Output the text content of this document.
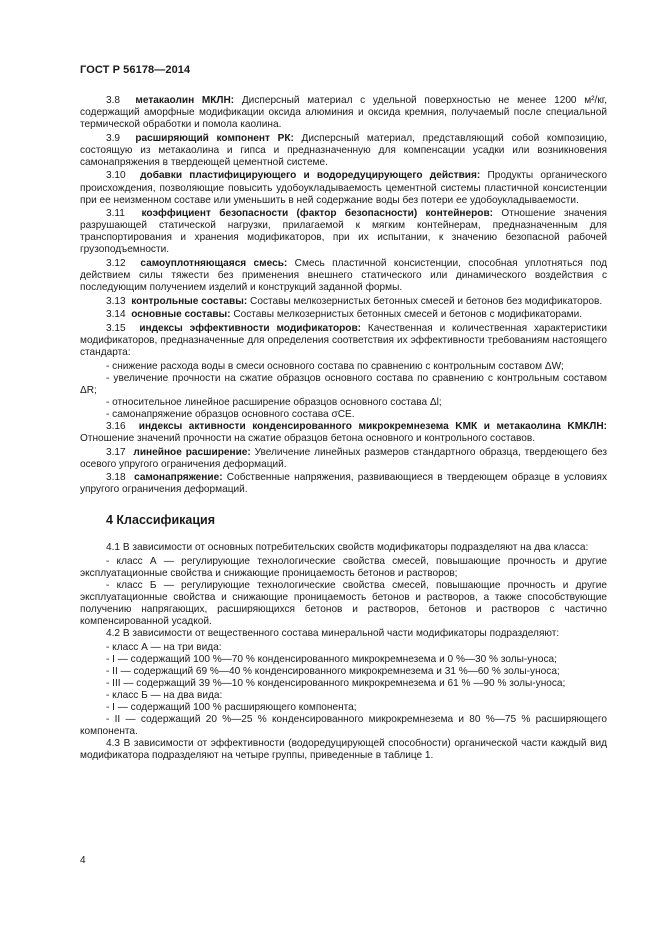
ГОСТ Р 56178—2014

3.8 метакаолин МКЛН: Дисперсный материал с удельной поверхностью не менее 1200 м²/кг, содержащий аморфные модификации оксида алюминия и оксида кремния, получаемый после специальной термической обработки и помола каолина.

3.9 расширяющий компонент РК: Дисперсный материал, представляющий собой композицию, состоящую из метакаолина и гипса и предназначенную для компенсации усадки или возникновения самонапряжения в твердеющей цементной системе.

3.10 добавки пластифицирующего и водоредуцирующего действия: Продукты органического происхождения, позволяющие повысить удобоукладываемость цементной системы пластичной консистенции при ее неизменном составе или уменьшить в ней содержание воды без потери ее удобоукладываемости.

3.11 коэффициент безопасности (фактор безопасности) контейнеров: Отношение значения разрушающей статической нагрузки, прилагаемой к мягким контейнерам, предназначенным для транспортирования и хранения модификаторов, при их испытании, к значению безопасной рабочей грузоподъемности.

3.12 самоуплотняющаяся смесь: Смесь пластичной консистенции, способная уплотняться под действием силы тяжести без применения внешнего статического или динамического воздействия с последующим получением изделий и конструкций заданной формы.

3.13 контрольные составы: Составы мелкозернистых бетонных смесей и бетонов без модификаторов.

3.14 основные составы: Составы мелкозернистых бетонных смесей и бетонов с модификаторами.

3.15 индексы эффективности модификаторов: Качественная и количественная характеристики модификаторов, предназначенные для определения соответствия их эффективности требованиям настоящего стандарта:

- снижение расхода воды в смеси основного состава по сравнению с контрольным составом ΔW;

- увеличение прочности на сжатие образцов основного состава по сравнению с контрольным составом ΔR;

- относительное линейное расширение образцов основного состава Δl;

- самонапряжение образцов основного состава σCE.

3.16 индексы активности конденсированного микрокремнезема KМК и метакаолина KМКЛН: Отношение значений прочности на сжатие образцов бетона основного и контрольного составов.

3.17 линейное расширение: Увеличение линейных размеров стандартного образца, твердеющего без осевого упругого ограничения деформаций.

3.18 самонапряжение: Собственные напряжения, развивающиеся в твердеющем образце в условиях упругого ограничения деформаций.

4 Классификация

4.1 В зависимости от основных потребительских свойств модификаторы подразделяют на два класса:

- класс А — регулирующие технологические свойства смесей, повышающие прочность и другие эксплуатационные свойства и снижающие проницаемость бетонов и растворов;

- класс Б — регулирующие технологические свойства смесей, повышающие прочность и другие эксплуатационные свойства и снижающие проницаемость бетонов и растворов, а также способствующие получению напрягающих, расширяющихся бетонов и растворов, бетонов и растворов с частично компенсированной усадкой.

4.2 В зависимости от вещественного состава минеральной части модификаторы подразделяют:

- класс А — на три вида:

- I — содержащий 100 %—70 % конденсированного микрокремнезема и 0 %—30 % золы-уноса;

- II — содержащий 69 %—40 % конденсированного микрокремнезема и 31 %—60 % золы-уноса;

- III — содержащий 39 %—10 % конденсированного микрокремнезема и 61 % —90 % золы-уноса;

- класс Б — на два вида:

- I — содержащий 100 % расширяющего компонента;

- II — содержащий 20 %—25 % конденсированного микрокремнезема и 80 %—75 % расширяющего компонента.

4.3 В зависимости от эффективности (водоредуцирующей способности) органической части каждый вид модификатора подразделяют на четыре группы, приведенные в таблице 1.

4
